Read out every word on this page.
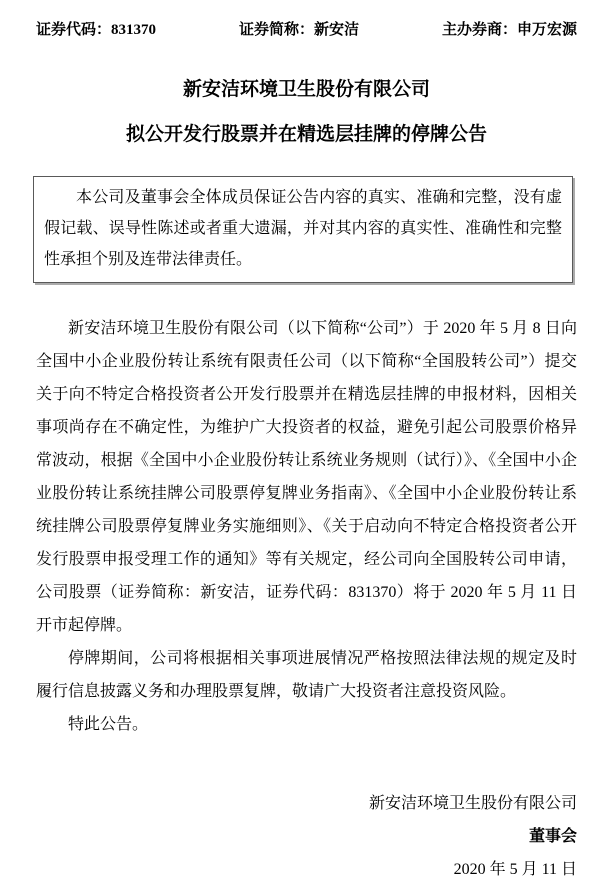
证券代码：831370	证券简称：新安洁	主办券商：申万宏源
新安洁环境卫生股份有限公司
拟公开发行股票并在精选层挂牌的停牌公告

本公司及董事会全体成员保证公告内容的真实、准确和完整，没有虚假记载、误导性陈述或者重大遗漏，并对其内容的真实性、准确性和完整性承担个别及连带法律责任。

新安洁环境卫生股份有限公司（以下简称“公司”）于 2020 年 5 月 8 日向全国中小企业股份转让系统有限责任公司（以下简称“全国股转公司”）提交关于向不特定合格投资者公开发行股票并在精选层挂牌的申报材料，因相关事项尚存在不确定性，为维护广大投资者的权益，避免引起公司股票价格异常波动，根据《全国中小企业股份转让系统业务规则（试行）》、《全国中小企业股份转让系统挂牌公司股票停复牌业务指南》、《全国中小企业股份转让系统挂牌公司股票停复牌业务实施细则》、《关于启动向不特定合格投资者公开发行股票申报受理工作的通知》等有关规定，经公司向全国股转公司申请，公司股票（证券简称：新安洁，证券代码：831370）将于 2020 年 5 月 11 日开市起停牌。

停牌期间，公司将根据相关事项进展情况严格按照法律法规的规定及时履行信息披露义务和办理股票复牌，敬请广大投资者注意投资风险。

特此公告。

新安洁环境卫生股份有限公司

董事会

2020 年 5 月 11 日
